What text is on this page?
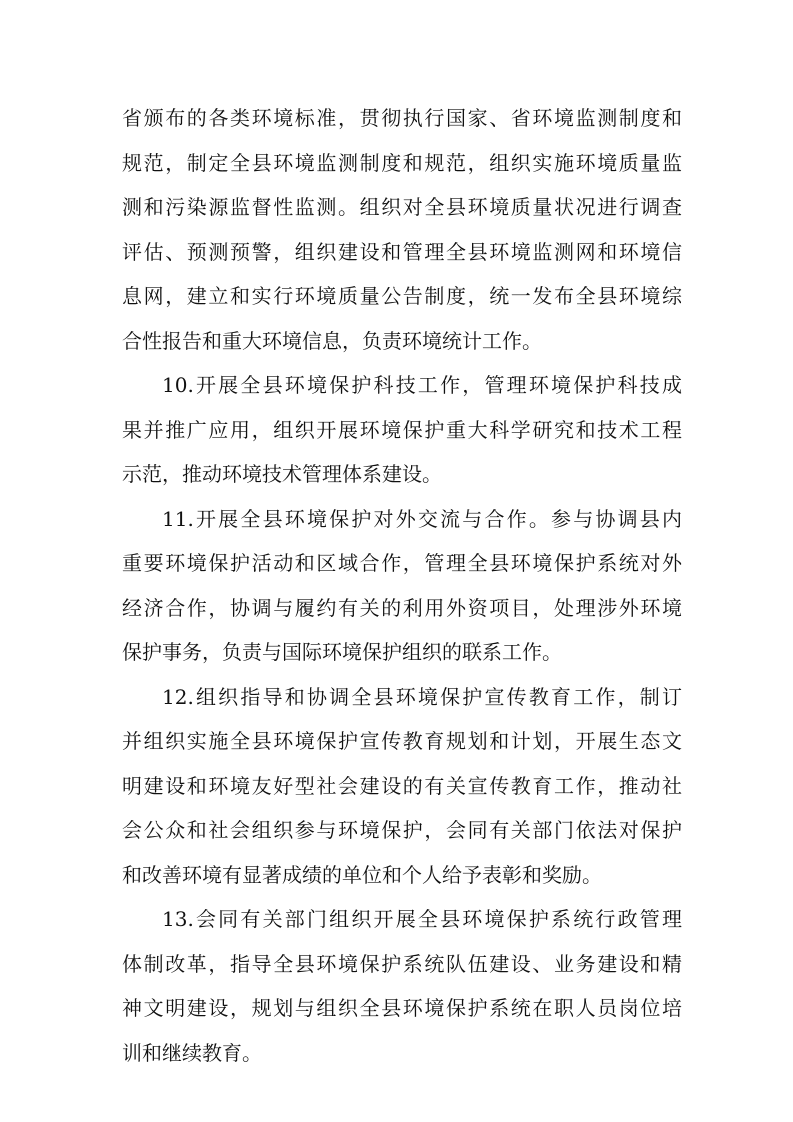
省颁布的各类环境标准，贯彻执行国家、省环境监测制度和
规范，制定全县环境监测制度和规范，组织实施环境质量监
测和污染源监督性监测。组织对全县环境质量状况进行调查
评估、预测预警，组织建设和管理全县环境监测网和环境信
息网，建立和实行环境质量公告制度，统一发布全县环境综
合性报告和重大环境信息，负责环境统计工作。
10.开展全县环境保护科技工作，管理环境保护科技成
果并推广应用，组织开展环境保护重大科学研究和技术工程
示范，推动环境技术管理体系建设。
11.开展全县环境保护对外交流与合作。参与协调县内
重要环境保护活动和区域合作，管理全县环境保护系统对外
经济合作，协调与履约有关的利用外资项目，处理涉外环境
保护事务，负责与国际环境保护组织的联系工作。
12.组织指导和协调全县环境保护宣传教育工作，制订
并组织实施全县环境保护宣传教育规划和计划，开展生态文
明建设和环境友好型社会建设的有关宣传教育工作，推动社
会公众和社会组织参与环境保护，会同有关部门依法对保护
和改善环境有显著成绩的单位和个人给予表彰和奖励。
13.会同有关部门组织开展全县环境保护系统行政管理
体制改革，指导全县环境保护系统队伍建设、业务建设和精
神文明建设，规划与组织全县环境保护系统在职人员岗位培
训和继续教育。
